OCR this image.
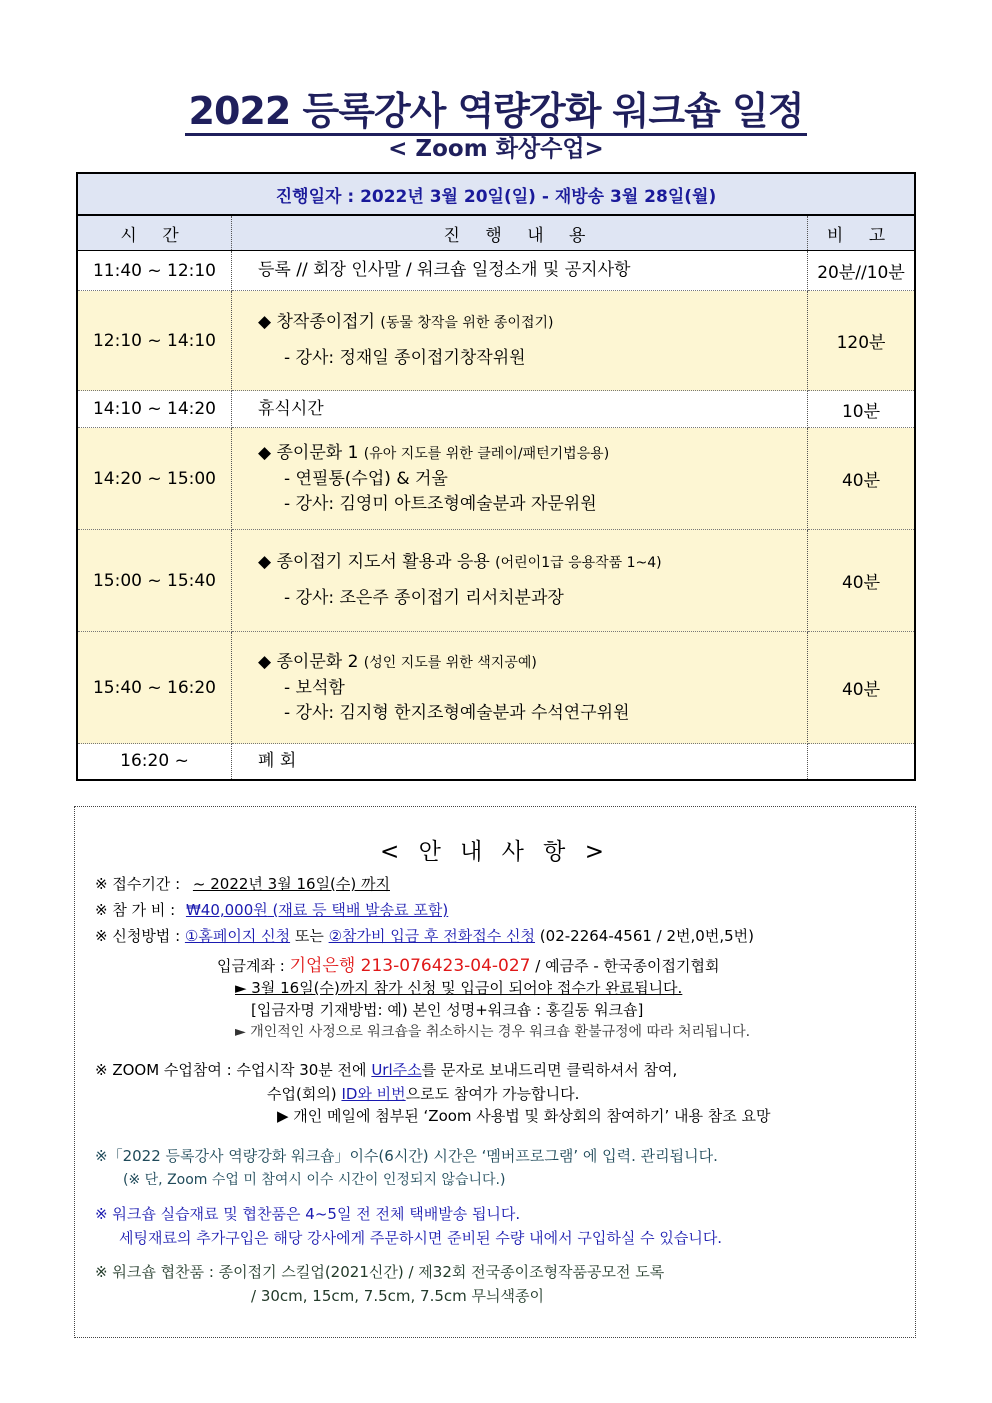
2022 등록강사 역량강화 워크숍 일정
< Zoom 화상수업>
진행일자 : 2022년 3월 20일(일) - 재방송 3월 28일(월)		
시 간	진 행 내 용	비 고
11:40 ~ 12:10	등록 // 회장 인사말 / 워크숍 일정소개 및 공지사항	20분//10분
12:10 ~ 14:10	◆ 창작종이접기 (동물 창작을 위한 종이접기)
- 강사: 정재일 종이접기창작위원	120분
14:10 ~ 14:20	휴식시간	10분
14:20 ~ 15:00	◆ 종이문화 1 (유아 지도를 위한 클레이/패턴기법응용)
- 연필통(수업) & 거울
- 강사: 김영미 아트조형예술분과 자문위원	40분
15:00 ~ 15:40	◆ 종이접기 지도서 활용과 응용 (어린이1급 응용작품 1~4)
- 강사: 조은주 종이접기 리서치분과장	40분
15:40 ~ 16:20	◆ 종이문화 2 (성인 지도를 위한 색지공예)
- 보석함
- 강사: 김지형 한지조형예술분과 수석연구위원	40분
16:20 ~	폐 회	

< 안 내 사 항 >
※ 접수기간 : ~ 2022년 3월 16일(수) 까지
※ 참 가 비 : ₩40,000원 (재료 등 택배 발송료 포함)
※ 신청방법 : ①홈페이지 신청 또는 ②참가비 입금 후 전화접수 신청 (02-2264-4561 / 2번,0번,5번)
입금계좌 : 기업은행 213-076423-04-027 / 예금주 - 한국종이접기협회
► 3월 16일(수)까지 참가 신청 및 입금이 되어야 접수가 완료됩니다.
[입금자명 기재방법: 예) 본인 성명+워크숍 : 홍길동 워크숍]
► 개인적인 사정으로 워크숍을 취소하시는 경우 워크숍 환불규정에 따라 처리됩니다.
※ ZOOM 수업참여 : 수업시작 30분 전에 Url주소를 문자로 보내드리면 클릭하셔서 참여,
수업(회의) ID와 비번으로도 참여가 가능합니다.
▶ 개인 메일에 첨부된 ‘Zoom 사용법 및 화상회의 참여하기’ 내용 참조 요망
※「2022 등록강사 역량강화 워크숍」이수(6시간) 시간은 ‘멤버프로그램’ 에 입력. 관리됩니다.
(※ 단, Zoom 수업 미 참여시 이수 시간이 인정되지 않습니다.)
※ 워크숍 실습재료 및 협찬품은 4~5일 전 전체 택배발송 됩니다.
세팅재료의 추가구입은 해당 강사에게 주문하시면 준비된 수량 내에서 구입하실 수 있습니다.
※ 워크숍 협찬품 : 종이접기 스킬업(2021신간) / 제32회 전국종이조형작품공모전 도록
/ 30cm, 15cm, 7.5cm, 7.5cm 무늬색종이
